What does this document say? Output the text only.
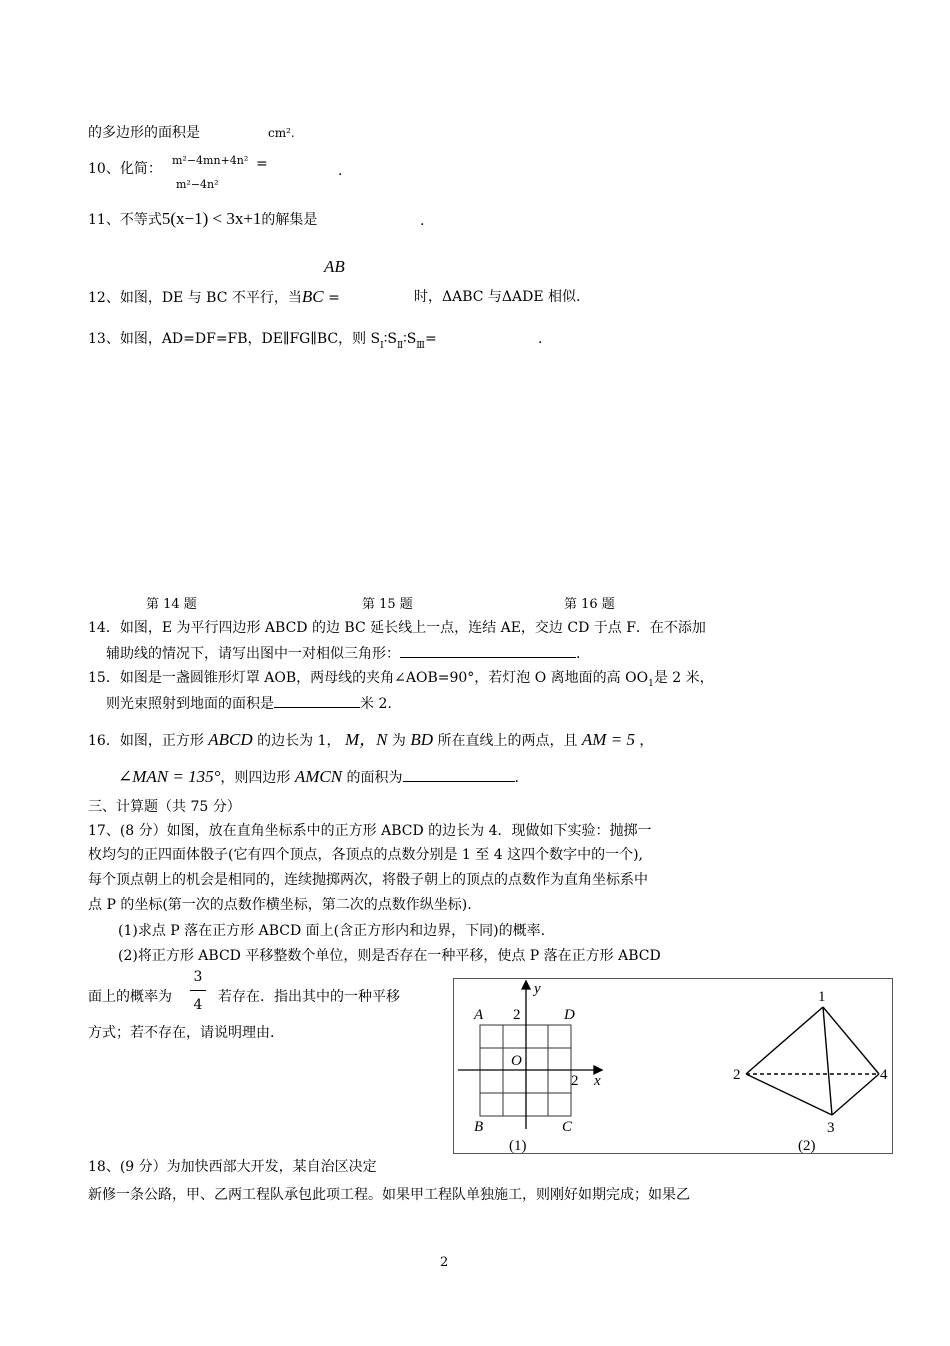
的多边形的面积是	cm².
10、化简：
m²−4mn+4n²
m²−4n²
=	.
11、不等式5(x−1) < 3x+1的解集是	.
AB
12、如图，DE 与 BC 不平行，当BC =	时，ΔABC 与ΔADE 相似.
13、如图，AD=DF=FB，DE∥FG∥BC，则 $S_Ⅰ∶S_Ⅱ∶S_Ⅲ=$	.
第 14 题	第 15 题	第 16 题
14．如图，E 为平行四边形 ABCD 的边 BC 延长线上一点，连结 AE，交边 CD 于点 F．在不添加
辅助线的情况下，请写出图中一对相似三角形：	.
15．如图是一盏圆锥形灯罩 AOB，两母线的夹角∠AOB=90°，若灯泡 O 离地面的高 $OO_1$是 2 米，
则光束照射到地面的面积是	米 2.
16．如图，正方形 ABCD 的边长为 1， M，N 为 BD 所在直线上的两点，且 AM = 5 ，
∠MAN = 135°，则四边形 AMCN 的面积为	.
三、计算题（共 75 分）
17、(8 分）如图，放在直角坐标系中的正方形 ABCD 的边长为 4．现做如下实验：抛掷一
枚均匀的正四面体骰子(它有四个顶点，各顶点的点数分别是 1 至 4 这四个数字中的一个),
每个顶点朝上的机会是相同的，连续抛掷两次，将骰子朝上的顶点的点数作为直角坐标系中
点 P 的坐标(第一次的点数作横坐标，第二次的点数作纵坐标).
(1)求点 P 落在正方形 ABCD 面上(含正方形内和边界，下同)的概率.
(2)将正方形 ABCD 平移整数个单位，则是否存在一种平移，使点 P 落在正方形 ABCD
面上的概率为
3
4 若存在．指出其中的一种平移
方式；若不存在，请说明理由.
A
B	C
D
O
y
x
2
2
(1)
1
2
3
4
(2)
18、(9 分）为加快西部大开发，某自治区决定
新修一条公路，甲、乙两工程队承包此项工程。如果甲工程队单独施工，则刚好如期完成；如果乙
2
